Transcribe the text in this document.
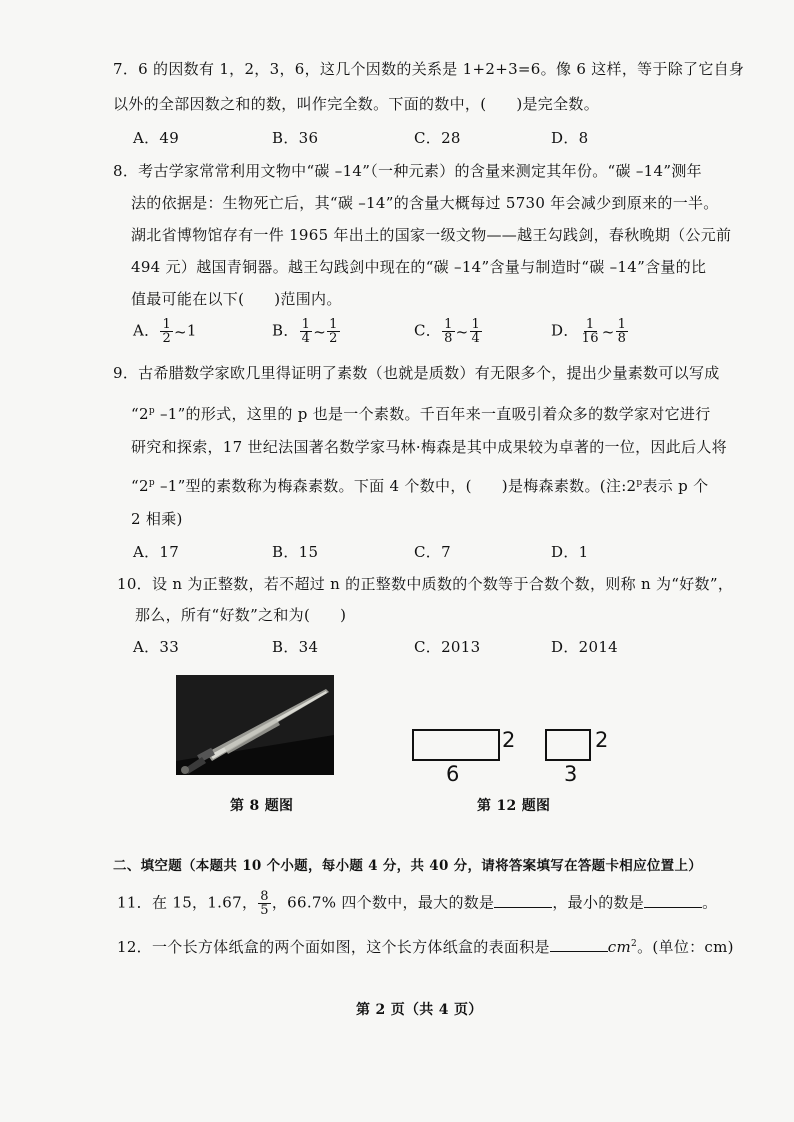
7．6 的因数有 1，2，3，6，这几个因数的关系是 1+2+3=6。像 6 这样，等于除了它自身
以外的全部因数之和的数，叫作完全数。下面的数中，( )是完全数。
A．49	B．36	C．28	D．8
8．考古学家常常利用文物中“碳 –14”（一种元素）的含量来测定其年份。“碳 –14”测年
法的依据是：生物死亡后，其“碳 –14”的含量大概每过 5730 年会减少到原来的一半。
湖北省博物馆存有一件 1965 年出土的国家一级文物——越王勾践剑，春秋晚期（公元前
494 元）越国青铜器。越王勾践剑中现在的“碳 –14”含量与制造时“碳 –14”含量的比
值最可能在以下( )范围内。
A． $\frac{1}{2}$ ~1	B． $\frac{1}{4}$ ~ $\frac{1}{2}$	C． $\frac{1}{8}$ ~ $\frac{1}{4}$	D． $\frac{1}{16}$ ~ $\frac{1}{8}$
9．古希腊数学家欧几里得证明了素数（也就是质数）有无限多个，提出少量素数可以写成
“2$^p$ –1”的形式，这里的 p 也是一个素数。千百年来一直吸引着众多的数学家对它进行
研究和探索，17 世纪法国著名数学家马林·梅森是其中成果较为卓著的一位，因此后人将
“2$^p$ –1”型的素数称为梅森素数。下面 4 个数中，( )是梅森素数。(注:2$^p$表示 p 个
2 相乘)
A．17	B．15	C．7	D．1
10．设 n 为正整数，若不超过 n 的正整数中质数的个数等于合数个数，则称 n 为“好数”，
那么，所有“好数”之和为( )
A．33	B．34	C．2013	D．2014
第 8 题图
2
6
2
3
第 12 题图
二、填空题（本题共 10 个小题，每小题 4 分，共 40 分，请将答案填写在答题卡相应位置上）
11．在 15，1.67， $\frac{8}{5}$ ，66.7% 四个数中，最大的数是	，最小的数是	。
12．一个长方体纸盒的两个面如图，这个长方体纸盒的表面积是	$cm^2$。(单位：cm)
第 2 页（共 4 页）
